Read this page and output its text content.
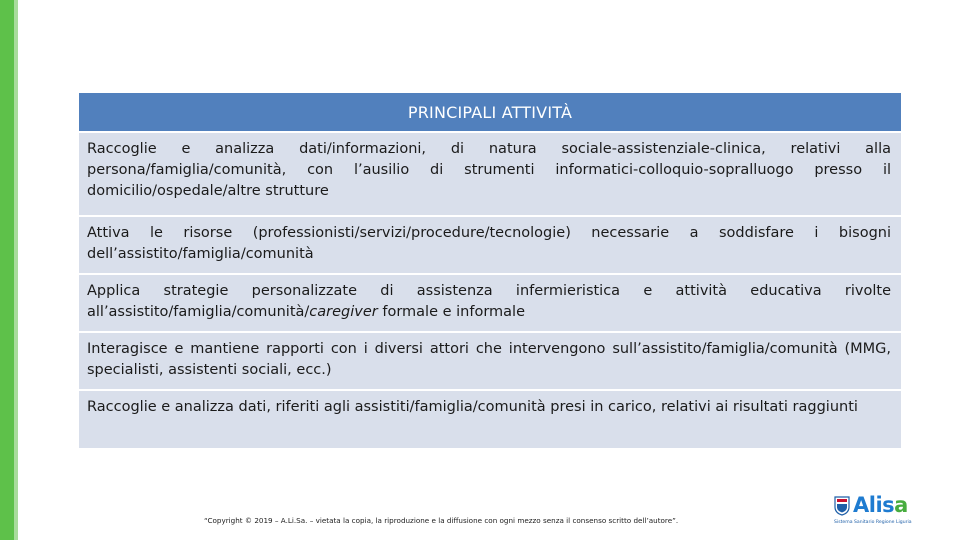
PRINCIPALI ATTIVITÀ
Raccoglie e analizza dati/informazioni, di natura sociale-assistenziale-clinica, relativi alla persona/famiglia/comunità, con l’ausilio di strumenti informatici-colloquio-sopralluogo presso il domicilio/ospedale/altre strutture
Attiva le risorse (professionisti/servizi/procedure/tecnologie) necessarie a soddisfare i bisogni dell’assistito/famiglia/comunità
Applica strategie personalizzate di assistenza infermieristica e attività educativa rivolte all’assistito/famiglia/comunità/caregiver formale e informale
Interagisce e mantiene rapporti con i diversi attori che intervengono sull’assistito/famiglia/comunità (MMG, specialisti, assistenti sociali, ecc.)
Raccoglie e analizza dati, riferiti agli assistiti/famiglia/comunità presi in carico, relativi ai risultati raggiunti
“Copyright © 2019 – A.Li.Sa. – vietata la copia, la riproduzione e la diffusione con ogni mezzo senza il consenso scritto dell’autore”.
Alisa
Sistema Sanitario Regione Liguria
